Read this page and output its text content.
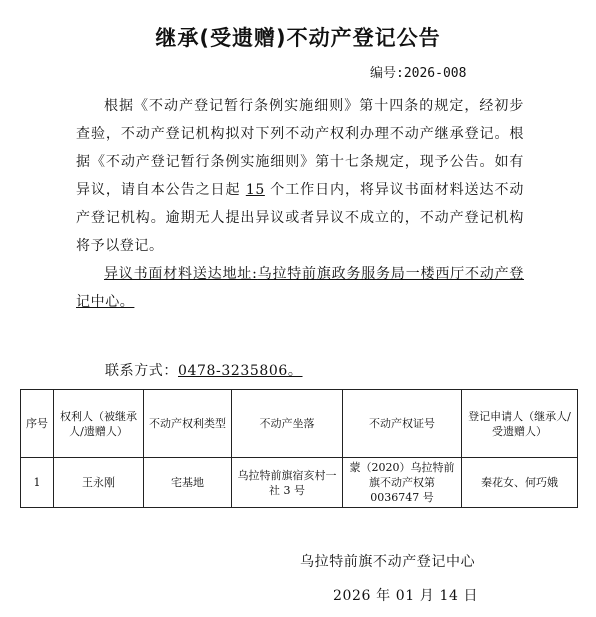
继承(受遗赠)不动产登记公告
编号:2026-008

根据《不动产登记暂行条例实施细则》第十四条的规定，经初步查验，不动产登记机构拟对下列不动产权利办理不动产继承登记。根据《不动产登记暂行条例实施细则》第十七条规定，现予公告。如有异议，请自本公告之日起 15 个工作日内，将异议书面材料送达不动产登记机构。逾期无人提出异议或者异议不成立的，不动产登记机构将予以登记。

异议书面材料送达地址:乌拉特前旗政务服务局一楼西厅不动产登记中心。

联系方式：0478-3235806。
序号	权利人（被继承人/遗赠人）	不动产权利类型	不动产坐落	不动产权证号	登记申请人（继承人/受遗赠人）
1	王永刚	宅基地	乌拉特前旗宿亥村一社 3 号	蒙（2020）乌拉特前旗不动产权第 0036747 号	秦花女、何巧娥
乌拉特前旗不动产登记中心
2026 年 01 月 14 日
